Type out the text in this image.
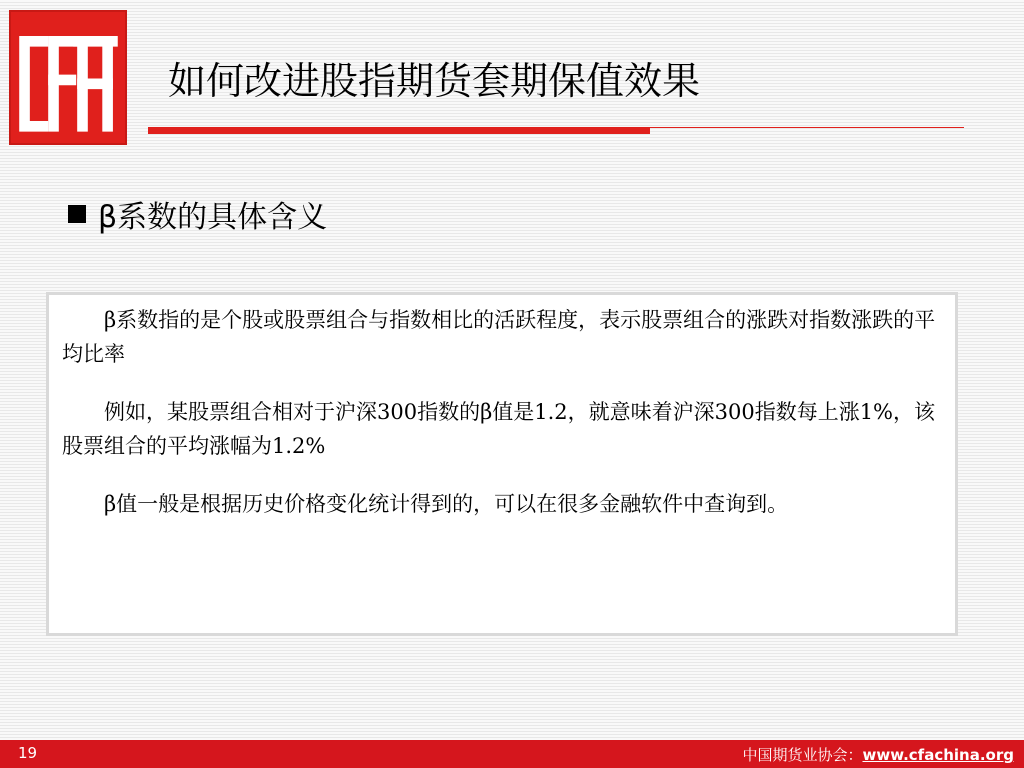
如何改进股指期货套期保值效果
β系数的具体含义

β系数指的是个股或股票组合与指数相比的活跃程度，表示股票组合的涨跌对指数涨跌的平均比率

例如，某股票组合相对于沪深300指数的β值是1.2，就意味着沪深300指数每上涨1%，该股票组合的平均涨幅为1.2%

β值一般是根据历史价格变化统计得到的，可以在很多金融软件中查询到。

19	中国期货业协会：www.cfachina.org
